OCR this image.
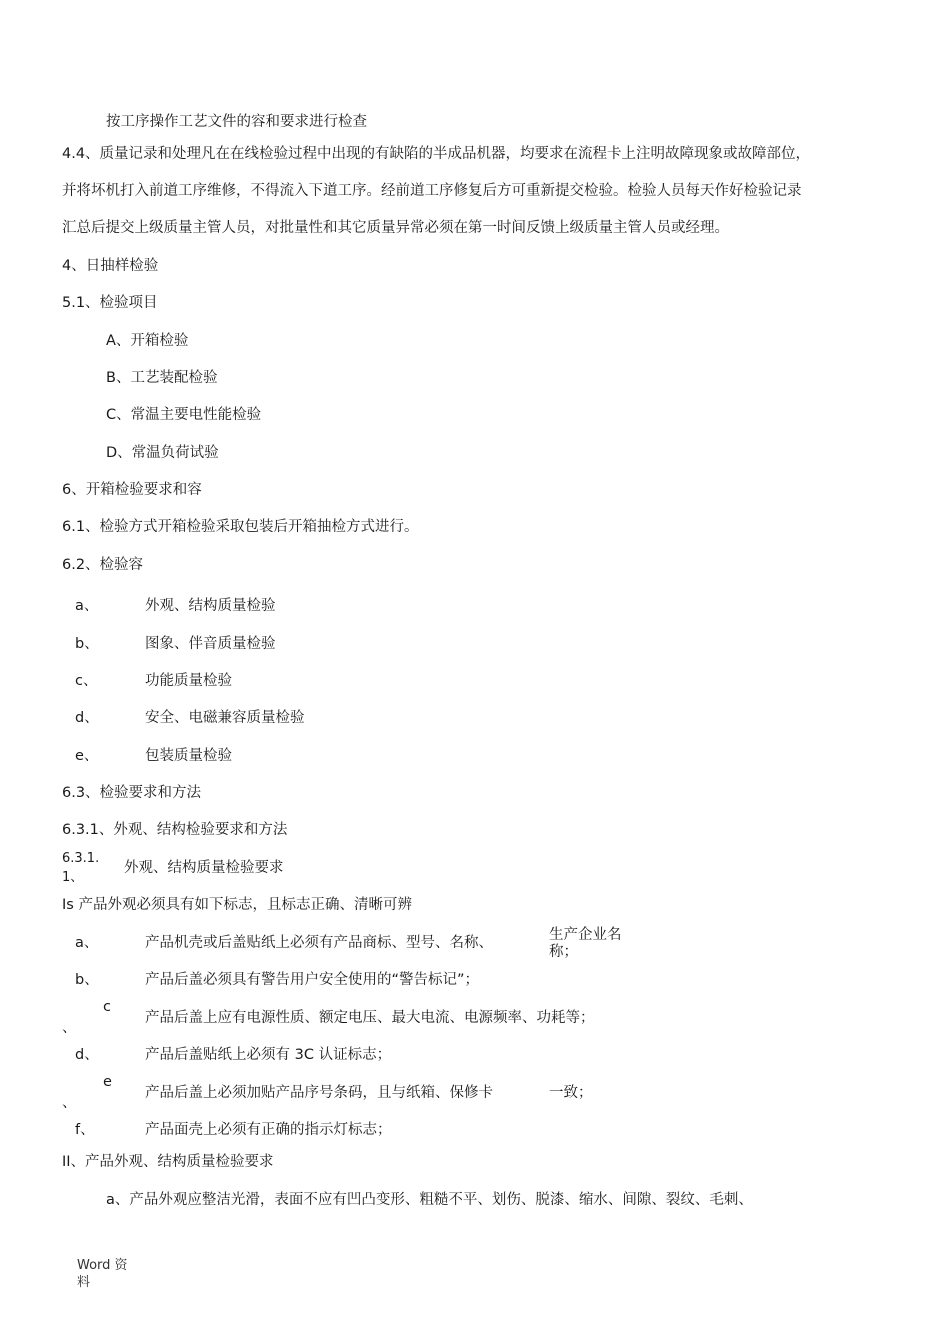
按工序操作工艺文件的容和要求进行检查
4.4、质量记录和处理凡在在线检验过程中出现的有缺陷的半成品机器，均要求在流程卡上注明故障现象或故障部位，
并将坏机打入前道工序维修，不得流入下道工序。经前道工序修复后方可重新提交检验。检验人员每天作好检验记录
汇总后提交上级质量主管人员，对批量性和其它质量异常必须在第一时间反馈上级质量主管人员或经理。
4、日抽样检验
5.1、检验项目
A、开箱检验
B、工艺装配检验
C、常温主要电性能检验
D、常温负荷试验
6、开箱检验要求和容
6.1、检验方式开箱检验采取包装后开箱抽检方式进行。
6.2、检验容
a、	外观、结构质量检验
b、	图象、伴音质量检验
c、	功能质量检验
d、	安全、电磁兼容质量检验
e、	包装质量检验
6.3、检验要求和方法
6.3.1、外观、结构检验要求和方法
6.3.1.
1、
外观、结构质量检验要求
Is 产品外观必须具有如下标志，且标志正确、清晰可辨
a、	产品机壳或后盖贴纸上必须有产品商标、型号、名称、	生产企业名
称；
b、	产品后盖必须具有警告用户安全使用的“警告标记”；
c
、
产品后盖上应有电源性质、额定电压、最大电流、电源频率、功耗等；
d、	产品后盖贴纸上必须有 3C 认证标志；
e
、
产品后盖上必须加贴产品序号条码，且与纸箱、保修卡	一致；
f、	产品面壳上必须有正确的指示灯标志；
II、产品外观、结构质量检验要求
a、产品外观应整洁光滑，表面不应有凹凸变形、粗糙不平、划伤、脱漆、缩水、间隙、裂纹、毛刺、
Word 资
料
